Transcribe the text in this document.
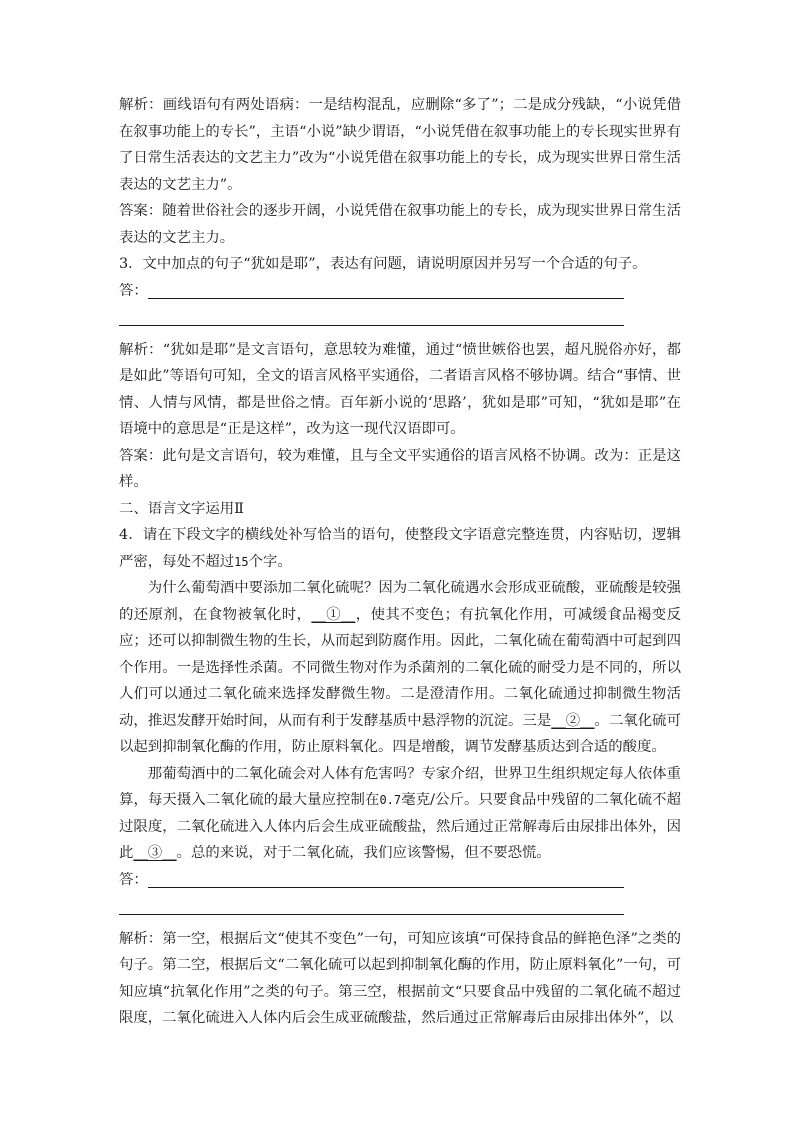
解析：画线语句有两处语病：一是结构混乱，应删除“多了”；二是成分残缺，“小说凭借在叙事功能上的专长”，主语“小说”缺少谓语，“小说凭借在叙事功能上的专长现实世界有了日常生活表达的文艺主力”改为“小说凭借在叙事功能上的专长，成为现实世界日常生活表达的文艺主力”。

答案：随着世俗社会的逐步开阔，小说凭借在叙事功能上的专长，成为现实世界日常生活表达的文艺主力。

3．文中加点的句子“犹如是耶”，表达有问题，请说明原因并另写一个合适的句子。

答：

解析：“犹如是耶”是文言语句，意思较为难懂，通过“愤世嫉俗也罢，超凡脱俗亦好，都是如此”等语句可知，全文的语言风格平实通俗，二者语言风格不够协调。结合“事情、世情、人情与风情，都是世俗之情。百年新小说的‘思路’，犹如是耶”可知，“犹如是耶”在语境中的意思是“正是这样”，改为这一现代汉语即可。

答案：此句是文言语句，较为难懂，且与全文平实通俗的语言风格不协调。改为：正是这样。

二、语言文字运用Ⅱ

4．请在下段文字的横线处补写恰当的语句，使整段文字语意完整连贯，内容贴切，逻辑严密，每处不超过15个字。

为什么葡萄酒中要添加二氧化硫呢？因为二氧化硫遇水会形成亚硫酸，亚硫酸是较强的还原剂，在食物被氧化时，__①__，使其不变色；有抗氧化作用，可减缓食品褐变反应；还可以抑制微生物的生长，从而起到防腐作用。因此，二氧化硫在葡萄酒中可起到四个作用。一是选择性杀菌。不同微生物对作为杀菌剂的二氧化硫的耐受力是不同的，所以人们可以通过二氧化硫来选择发酵微生物。二是澄清作用。二氧化硫通过抑制微生物活动，推迟发酵开始时间，从而有利于发酵基质中悬浮物的沉淀。三是__②__。二氧化硫可以起到抑制氧化酶的作用，防止原料氧化。四是增酸，调节发酵基质达到合适的酸度。

那葡萄酒中的二氧化硫会对人体有危害吗？专家介绍，世界卫生组织规定每人依体重算，每天摄入二氧化硫的最大量应控制在0.7毫克/公斤。只要食品中残留的二氧化硫不超过限度，二氧化硫进入人体内后会生成亚硫酸盐，然后通过正常解毒后由尿排出体外，因此__③__。总的来说，对于二氧化硫，我们应该警惕，但不要恐慌。

答：

解析：第一空，根据后文“使其不变色”一句，可知应该填“可保持食品的鲜艳色泽”之类的句子。第二空，根据后文“二氧化硫可以起到抑制氧化酶的作用，防止原料氧化”一句，可知应填“抗氧化作用”之类的句子。第三空，根据前文“只要食品中残留的二氧化硫不超过限度，二氧化硫进入人体内后会生成亚硫酸盐，然后通过正常解毒后由尿排出体外”，以
